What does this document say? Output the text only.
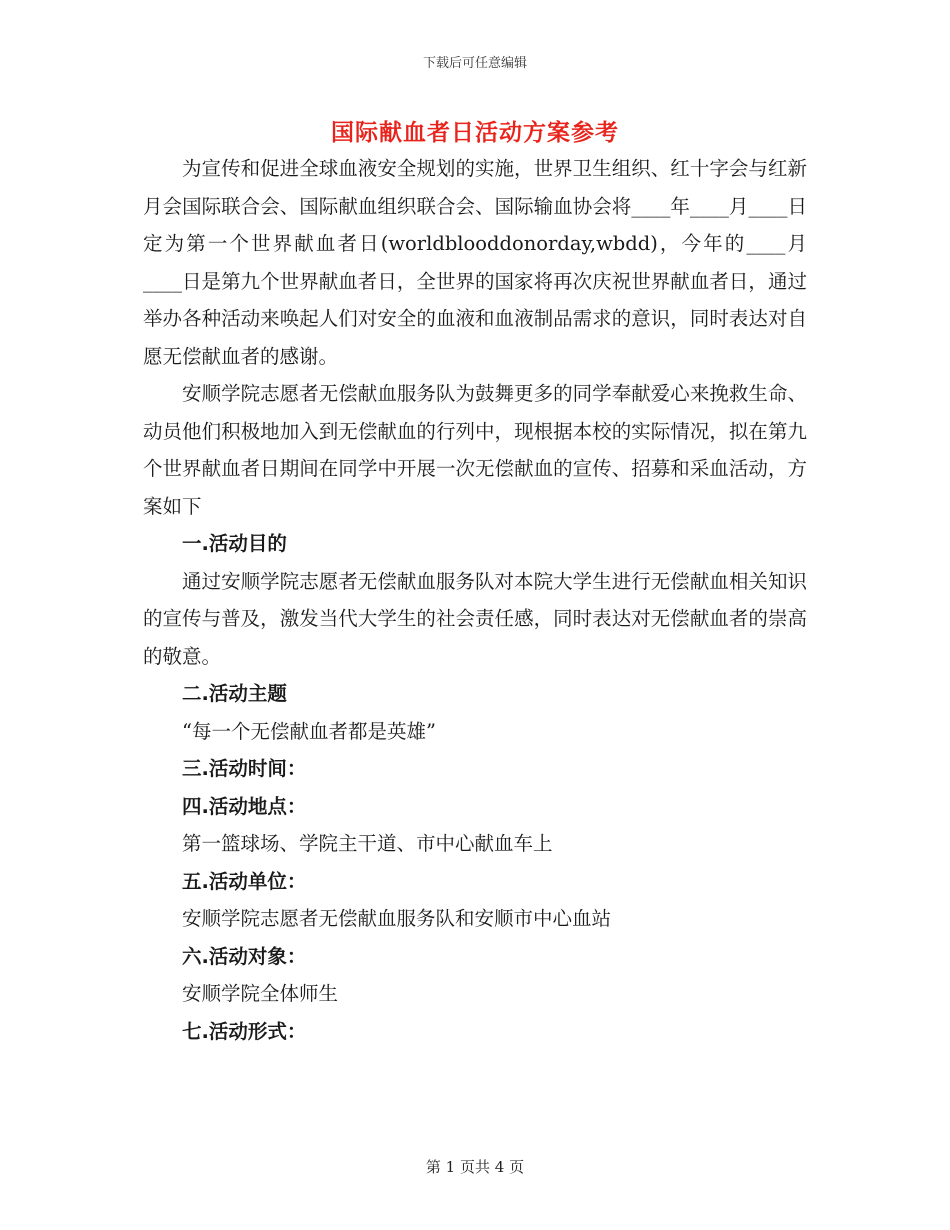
下载后可任意编辑
国际献血者日活动方案参考

为宣传和促进全球血液安全规划的实施，世界卫生组织、红十字会与红新月会国际联合会、国际献血组织联合会、国际输血协会将____年____月____日定为第一个世界献血者日(worldblooddonorday,wbdd)，今年的____月____日是第九个世界献血者日，全世界的国家将再次庆祝世界献血者日，通过举办各种活动来唤起人们对安全的血液和血液制品需求的意识，同时表达对自愿无偿献血者的感谢。

安顺学院志愿者无偿献血服务队为鼓舞更多的同学奉献爱心来挽救生命、动员他们积极地加入到无偿献血的行列中，现根据本校的实际情况，拟在第九个世界献血者日期间在同学中开展一次无偿献血的宣传、招募和采血活动，方案如下

一.活动目的

通过安顺学院志愿者无偿献血服务队对本院大学生进行无偿献血相关知识的宣传与普及，激发当代大学生的社会责任感，同时表达对无偿献血者的崇高的敬意。

二.活动主题

“每一个无偿献血者都是英雄”

三.活动时间：

四.活动地点：

第一篮球场、学院主干道、市中心献血车上

五.活动单位：

安顺学院志愿者无偿献血服务队和安顺市中心血站

六.活动对象：

安顺学院全体师生

七.活动形式：

第 1 页共 4 页
